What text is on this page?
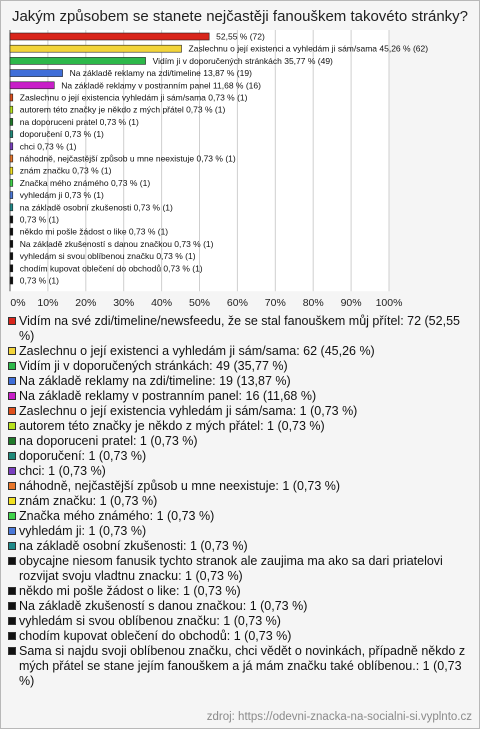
Jakým způsobem se stanete nejčastěji fanouškem takovéto stránky?
0% 10% 20% 30% 40% 50% 60% 70% 80% 90% 100%
52,55 % (72)
Zaslechnu o její existenci a vyhledám ji sám/sama 45,26 % (62)
Vidím ji v doporučených stránkách 35,77 % (49)
Na základě reklamy na zdi/timeline 13,87 % (19)
Na základě reklamy v postranním panel 11,68 % (16)
Zaslechnu o její existencia vyhledám ji sám/sama 0,73 % (1)
autorem této značky je někdo z mých přátel 0,73 % (1)
na doporuceni pratel 0,73 % (1)
doporučení 0,73 % (1)
chci 0,73 % (1)
náhodně, nejčastější způsob u mne neexistuje 0,73 % (1)
znám značku 0,73 % (1)
Značka mého známého 0,73 % (1)
vyhledám ji 0,73 % (1)
na základě osobní zkušenosti 0,73 % (1)
0,73 % (1)
někdo mi pošle žádost o like 0,73 % (1)
Na základě zkušeností s danou značkou 0,73 % (1)
vyhledám si svou oblíbenou značku 0,73 % (1)
chodím kupovat oblečení do obchodů 0,73 % (1)
0,73 % (1)
Vidím na své zdi/timeline/newsfeedu, že se stal fanouškem můj přítel: 72 (52,55 %)
Zaslechnu o její existenci a vyhledám ji sám/sama: 62 (45,26 %)
Vidím ji v doporučených stránkách: 49 (35,77 %)
Na základě reklamy na zdi/timeline: 19 (13,87 %)
Na základě reklamy v postranním panel: 16 (11,68 %)
Zaslechnu o její existencia vyhledám ji sám/sama: 1 (0,73 %)
autorem této značky je někdo z mých přátel: 1 (0,73 %)
na doporuceni pratel: 1 (0,73 %)
doporučení: 1 (0,73 %)
chci: 1 (0,73 %)
náhodně, nejčastější způsob u mne neexistuje: 1 (0,73 %)
znám značku: 1 (0,73 %)
Značka mého známého: 1 (0,73 %)
vyhledám ji: 1 (0,73 %)
na základě osobní zkušenosti: 1 (0,73 %)
obycajne niesom fanusik tychto stranok ale zaujima ma ako sa dari priatelovi rozvijat svoju vladtnu znacku: 1 (0,73 %)
někdo mi pošle žádost o like: 1 (0,73 %)
Na základě zkušeností s danou značkou: 1 (0,73 %)
vyhledám si svou oblíbenou značku: 1 (0,73 %)
chodím kupovat oblečení do obchodů: 1 (0,73 %)
Sama si najdu svoji oblíbenou značku, chci vědět o novinkách, případně někdo z mých přátel se stane jejím fanouškem a já mám značku také oblíbenou.: 1 (0,73 %)
zdroj: https://odevni-znacka-na-socialni-si.vyplnto.cz
